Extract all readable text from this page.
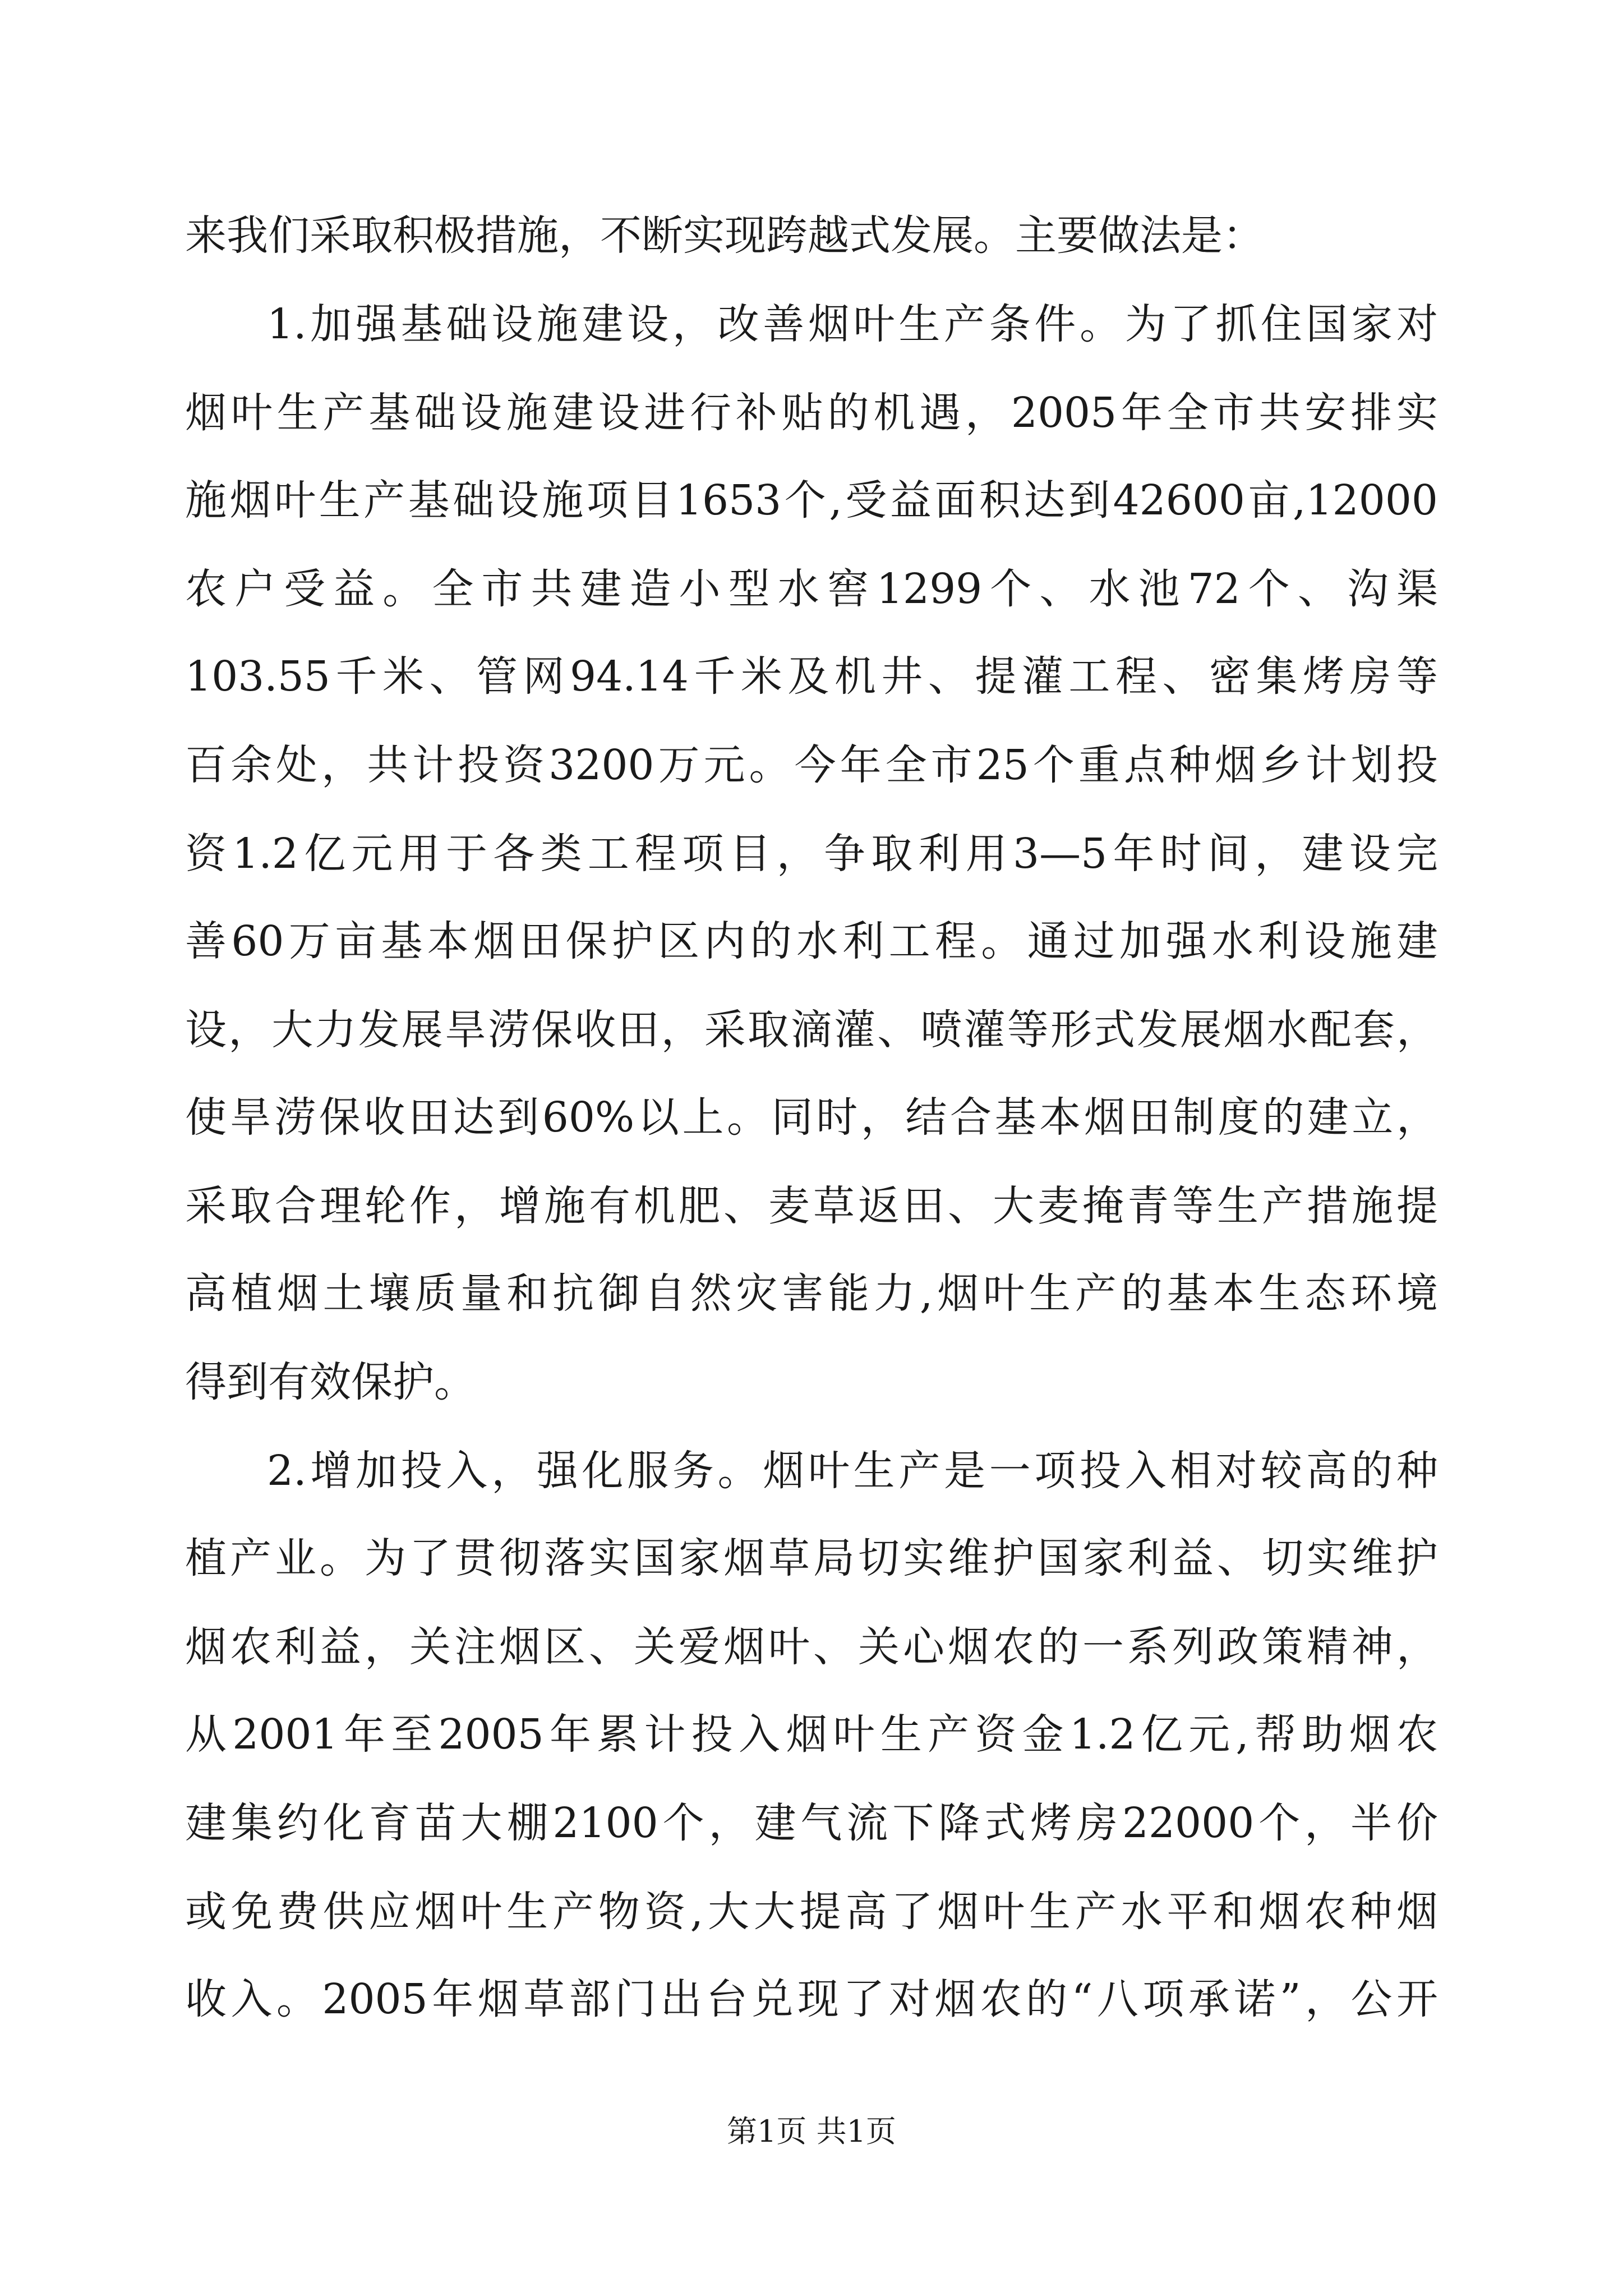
来我们采取积极措施，不断实现跨越式发展。主要做法是：
1.加强基础设施建设，改善烟叶生产条件。为了抓住国家对
烟叶生产基础设施建设进行补贴的机遇，2005年全市共安排实
施烟叶生产基础设施项目1653个,受益面积达到42600亩,12000
农户受益。全市共建造小型水窖1299个、水池72个、沟渠
103.55千米、管网94.14千米及机井、提灌工程、密集烤房等
百余处，共计投资3200万元。今年全市25个重点种烟乡计划投
资1.2亿元用于各类工程项目，争取利用3—5年时间，建设完
善60万亩基本烟田保护区内的水利工程。通过加强水利设施建
设，大力发展旱涝保收田，采取滴灌、喷灌等形式发展烟水配套，
使旱涝保收田达到60%以上。同时，结合基本烟田制度的建立，
采取合理轮作，增施有机肥、麦草返田、大麦掩青等生产措施提
高植烟土壤质量和抗御自然灾害能力,烟叶生产的基本生态环境
得到有效保护。
2.增加投入，强化服务。烟叶生产是一项投入相对较高的种
植产业。为了贯彻落实国家烟草局切实维护国家利益、切实维护
烟农利益，关注烟区、关爱烟叶、关心烟农的一系列政策精神，
从2001年至2005年累计投入烟叶生产资金1.2亿元,帮助烟农
建集约化育苗大棚2100个，建气流下降式烤房22000个，半价
或免费供应烟叶生产物资,大大提高了烟叶生产水平和烟农种烟
收入。2005年烟草部门出台兑现了对烟农的“八项承诺”，公开
第1页 共1页
